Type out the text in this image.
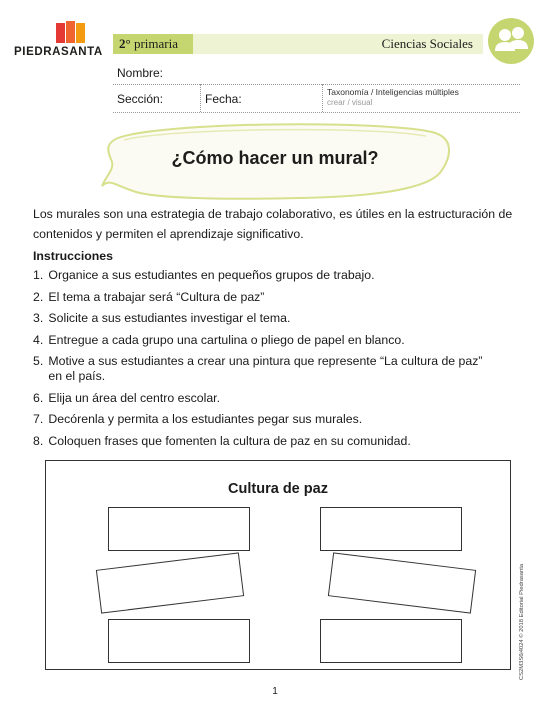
PIEDRASANTA
2° primaria	Ciencias Sociales
Nombre:
Sección:	Fecha:	Taxonomía / Inteligencias múltiples
crear / visual
¿Cómo hacer un mural?
Los murales son una estrategia de trabajo colaborativo, es útiles en la estructuración de contenidos y permiten el aprendizaje significativo.
Instrucciones
1. Organice a sus estudiantes en pequeños grupos de trabajo.
2. El tema a trabajar será “Cultura de paz”
3. Solicite a sus estudiantes investigar el tema.
4. Entregue a cada grupo una cartulina o pliego de papel en blanco.
5. Motive a sus estudiantes a crear una pintura que represente “La cultura de paz” en el país.
6. Elija un área del centro escolar.
7. Decórenla y permita a los estudiantes pegar sus murales.
8. Coloquen frases que fomenten la cultura de paz en su comunidad.
Cultura de paz
CS2M3S6i4024 © 2018 Editorial Piedrasanta
1
